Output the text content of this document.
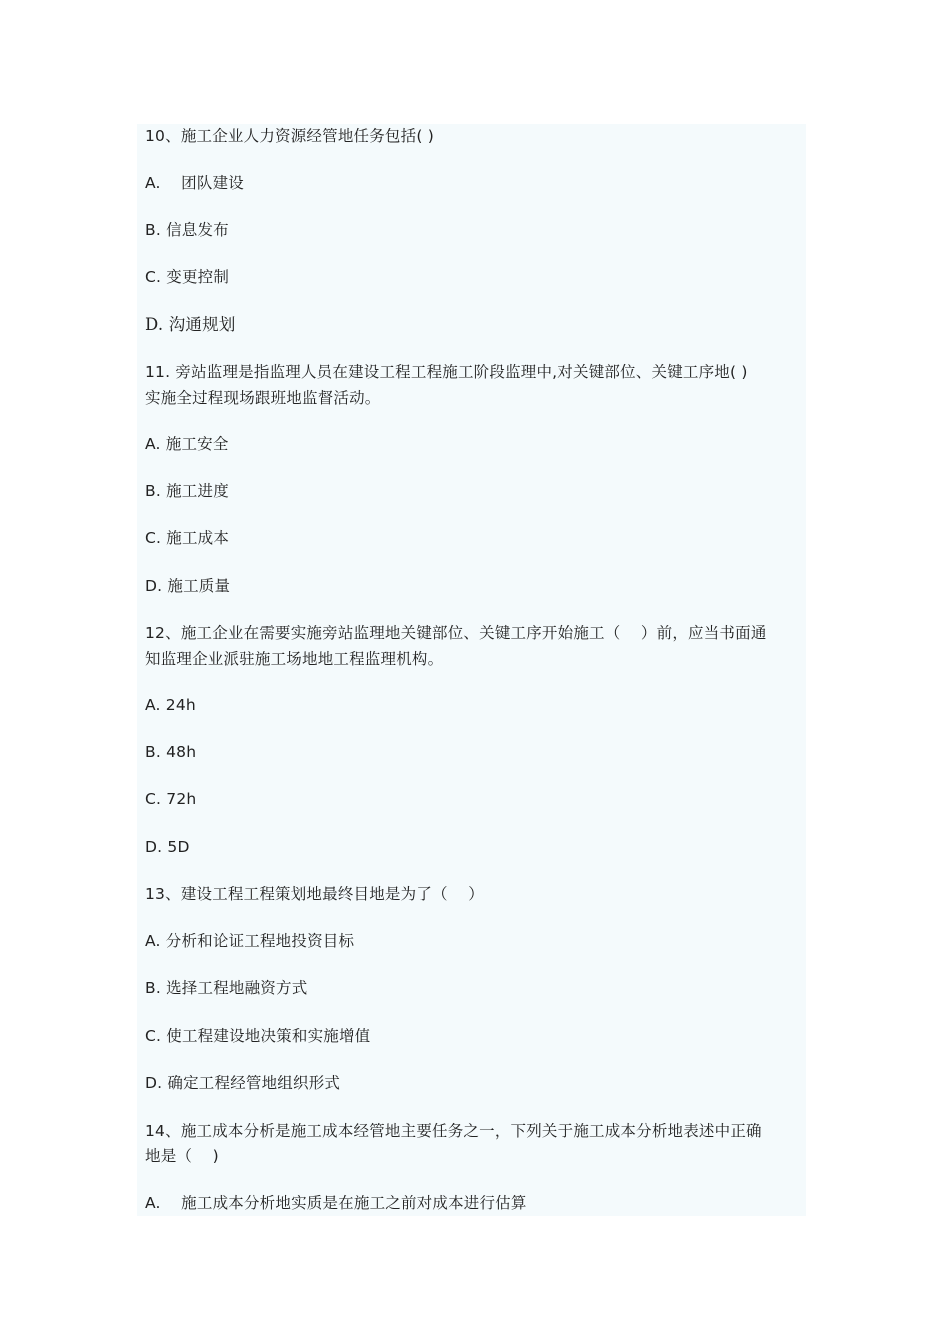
10、施工企业人力资源经管地任务包括( )
A.    团队建设
B. 信息发布
C. 变更控制
D. 沟通规划
11. 旁站监理是指监理人员在建设工程工程施工阶段监理中,对关键部位、关键工序地( )
实施全过程现场跟班地监督活动。
A. 施工安全
B. 施工进度
C. 施工成本
D. 施工质量
12、施工企业在需要实施旁站监理地关键部位、关键工序开始施工（    ）前，应当书面通
知监理企业派驻施工场地地工程监理机构。
A. 24h
B. 48h
C. 72h
D. 5D
13、建设工程工程策划地最终目地是为了（    ）
A. 分析和论证工程地投资目标
B. 选择工程地融资方式
C. 使工程建设地决策和实施增值
D. 确定工程经管地组织形式
14、施工成本分析是施工成本经管地主要任务之一，下列关于施工成本分析地表述中正确
地是（    )
A.    施工成本分析地实质是在施工之前对成本进行估算
